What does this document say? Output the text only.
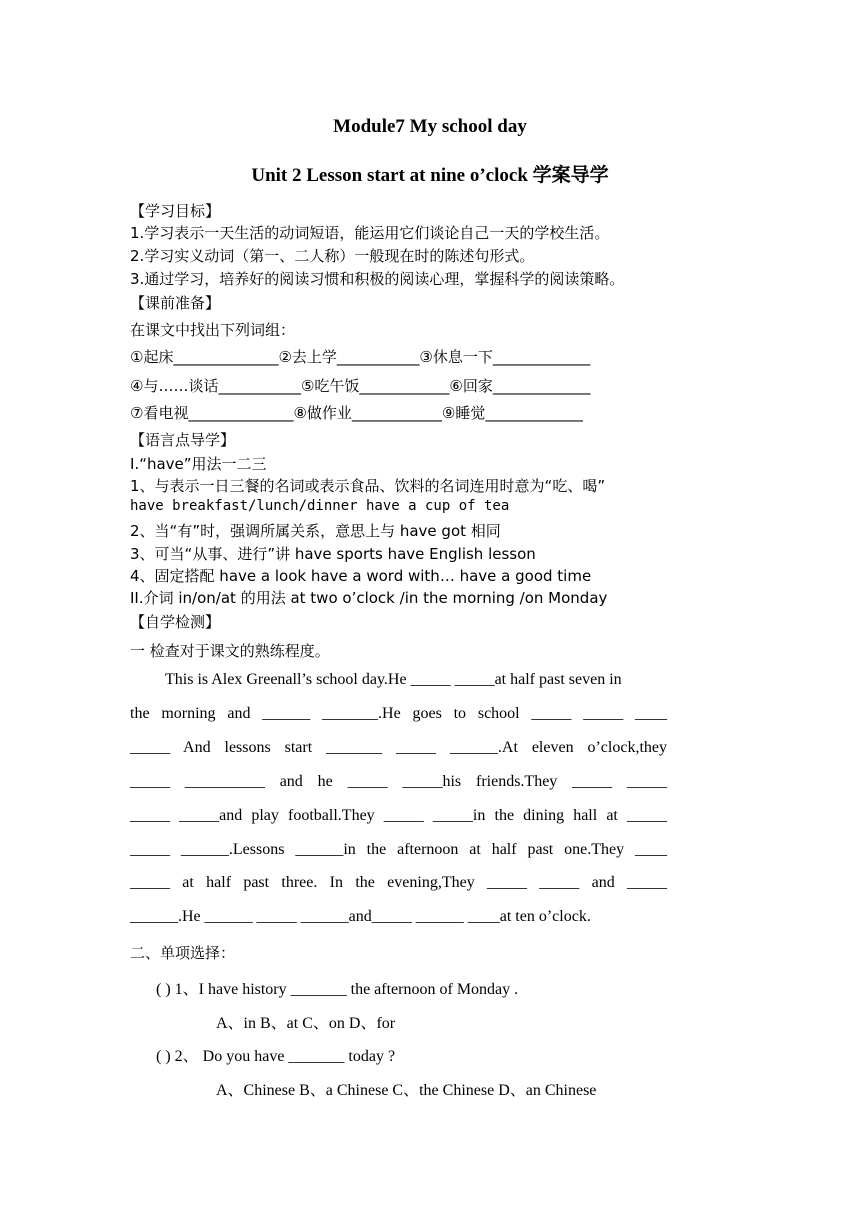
Module7 My school day
Unit 2 Lesson start at nine o’clock 学案导学
【学习目标】
1.学习表示一天生活的动词短语，能运用它们谈论自己一天的学校生活。
2.学习实义动词（第一、二人称）一般现在时的陈述句形式。
3.通过学习，培养好的阅读习惯和积极的阅读心理，掌握科学的阅读策略。
【课前准备】
在课文中找出下列词组：
①起床______________②去上学___________③休息一下_____________
④与……谈话___________⑤吃午饭____________⑥回家_____________
⑦看电视______________⑧做作业____________⑨睡觉_____________
【语言点导学】
I.“have”用法一二三
1、与表示一日三餐的名词或表示食品、饮料的名词连用时意为“吃、喝”
have breakfast/lunch/dinner have a cup of tea
2、当“有”时，强调所属关系，意思上与 have got 相同
3、可当“从事、进行”讲 have sports have English lesson
4、固定搭配 have a look have a word with… have a good time
II.介词 in/on/at 的用法 at two o’clock /in the morning /on Monday
【自学检测】
一 检查对于课文的熟练程度。
This is Alex Greenall’s school day.He _____ _____at half past seven in
the morning and ______ _______.He goes to school _____ _____ ____
_____ And lessons start _______ _____ ______.At eleven o’clock,they
_____ __________ and he _____ _____his friends.They _____ _____
_____ _____and play football.They _____ _____in the dining hall at _____
_____ ______.Lessons ______in the afternoon at half past one.They ____
_____ at half past three. In the evening,They _____ _____ and _____
______.He ______ _____ ______and_____ ______ ____at ten o’clock.
二、单项选择：
( ) 1、I have history _______ the afternoon of Monday .
A、in B、at C、on D、for
( ) 2、 Do you have _______ today ?
A、Chinese B、a Chinese C、the Chinese D、an Chinese
